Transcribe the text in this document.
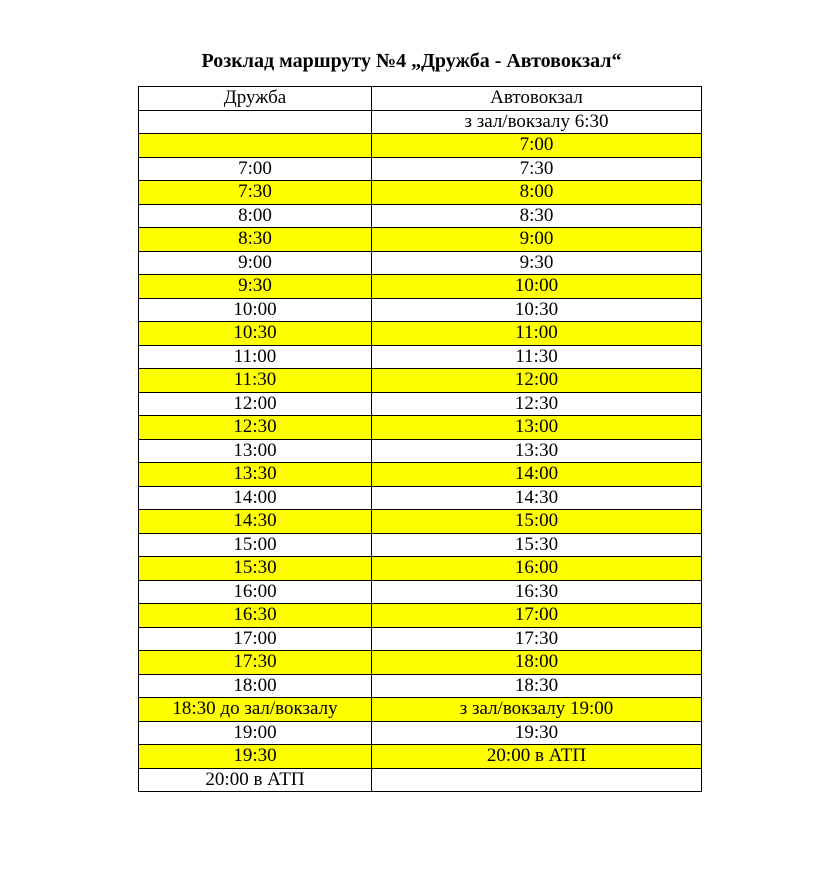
Розклад маршруту №4 „Дружба - Автовокзал“
Дружба	Автовокзал
	з зал/вокзалу 6:30
	7:00
7:00	7:30
7:30	8:00
8:00	8:30
8:30	9:00
9:00	9:30
9:30	10:00
10:00	10:30
10:30	11:00
11:00	11:30
11:30	12:00
12:00	12:30
12:30	13:00
13:00	13:30
13:30	14:00
14:00	14:30
14:30	15:00
15:00	15:30
15:30	16:00
16:00	16:30
16:30	17:00
17:00	17:30
17:30	18:00
18:00	18:30
18:30 до зал/вокзалу	з зал/вокзалу 19:00
19:00	19:30
19:30	20:00 в АТП
20:00 в АТП	
